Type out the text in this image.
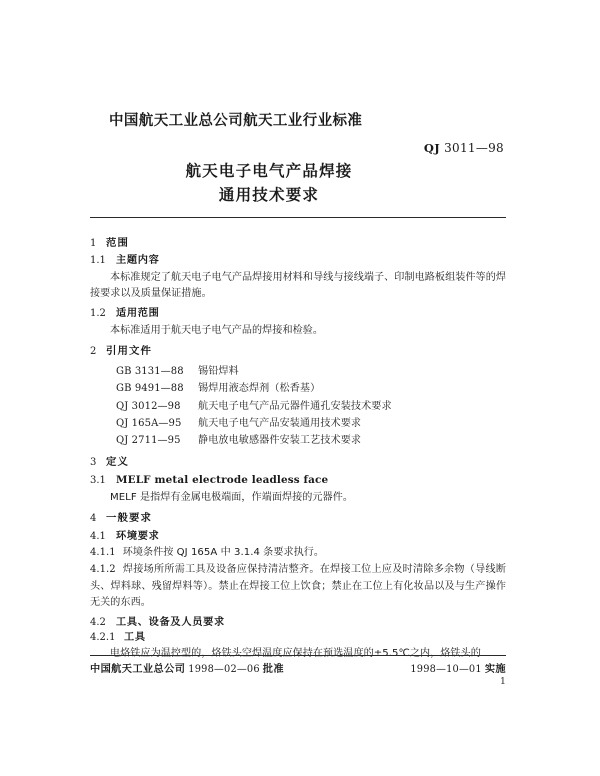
中国航天工业总公司航天工业行业标准
QJ 3011—98
航天电子电气产品焊接
通用技术要求
1 范围
1.1 主题内容

本标准规定了航天电子电气产品焊接用材料和导线与接线端子、印制电路板组装件等的焊接要求以及质量保证措施。

1.2 适用范围

本标准适用于航天电子电气产品的焊接和检验。

2 引用文件
GB 3131—88	锡铅焊料
GB 9491—88	锡焊用液态焊剂（松香基）
QJ 3012—98	航天电子电气产品元器件通孔安装技术要求
QJ 165A—95	航天电子电气产品安装通用技术要求
QJ 2711—95	静电放电敏感器件安装工艺技术要求
3 定义
3.1 MELF metal electrode leadless face

MELF 是指焊有金属电极端面，作端面焊接的元器件。

4 一般要求
4.1 环境要求

4.1.1 环境条件按 QJ 165A 中 3.1.4 条要求执行。

4.1.2 焊接场所所需工具及设备应保持清洁整齐。在焊接工位上应及时清除多余物（导线断头、焊料球、残留焊料等）。禁止在焊接工位上饮食；禁止在工位上有化妆品以及与生产操作无关的东西。

4.2 工具、设备及人员要求
4.2.1 工具

电烙铁应为温控型的，烙铁头空焊温度应保持在预选温度的±5.5℃之内，烙铁头的

中国航天工业总公司 1998—02—06 批准	1998—10—01 实施
1
